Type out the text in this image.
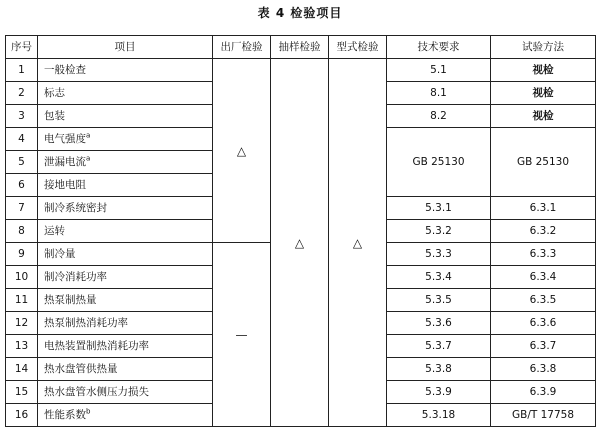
表 4 检验项目
序号	项目	出厂检验	抽样检验	型式检验	技术要求	试验方法
1	一般检查	△	△	△	5.1	视检
2	标志				8.1	视检
3	包装				8.2	视检
4	电气强度$^a$				GB 25130	GB 25130
5	泄漏电流$^a$
6	接地电阻					
7	制冷系统密封				5.3.1	6.3.1
8	运转				5.3.2	6.3.2
9	制冷量	—			5.3.3	6.3.3
10	制冷消耗功率				5.3.4	6.3.4
11	热泵制热量				5.3.5	6.3.5
12	热泵制热消耗功率				5.3.6	6.3.6
13	电热装置制热消耗功率				5.3.7	6.3.7
14	热水盘管供热量				5.3.8	6.3.8
15	热水盘管水侧压力损失				5.3.9	6.3.9
16	性能系数$^b$				5.3.18	GB/T 17758
